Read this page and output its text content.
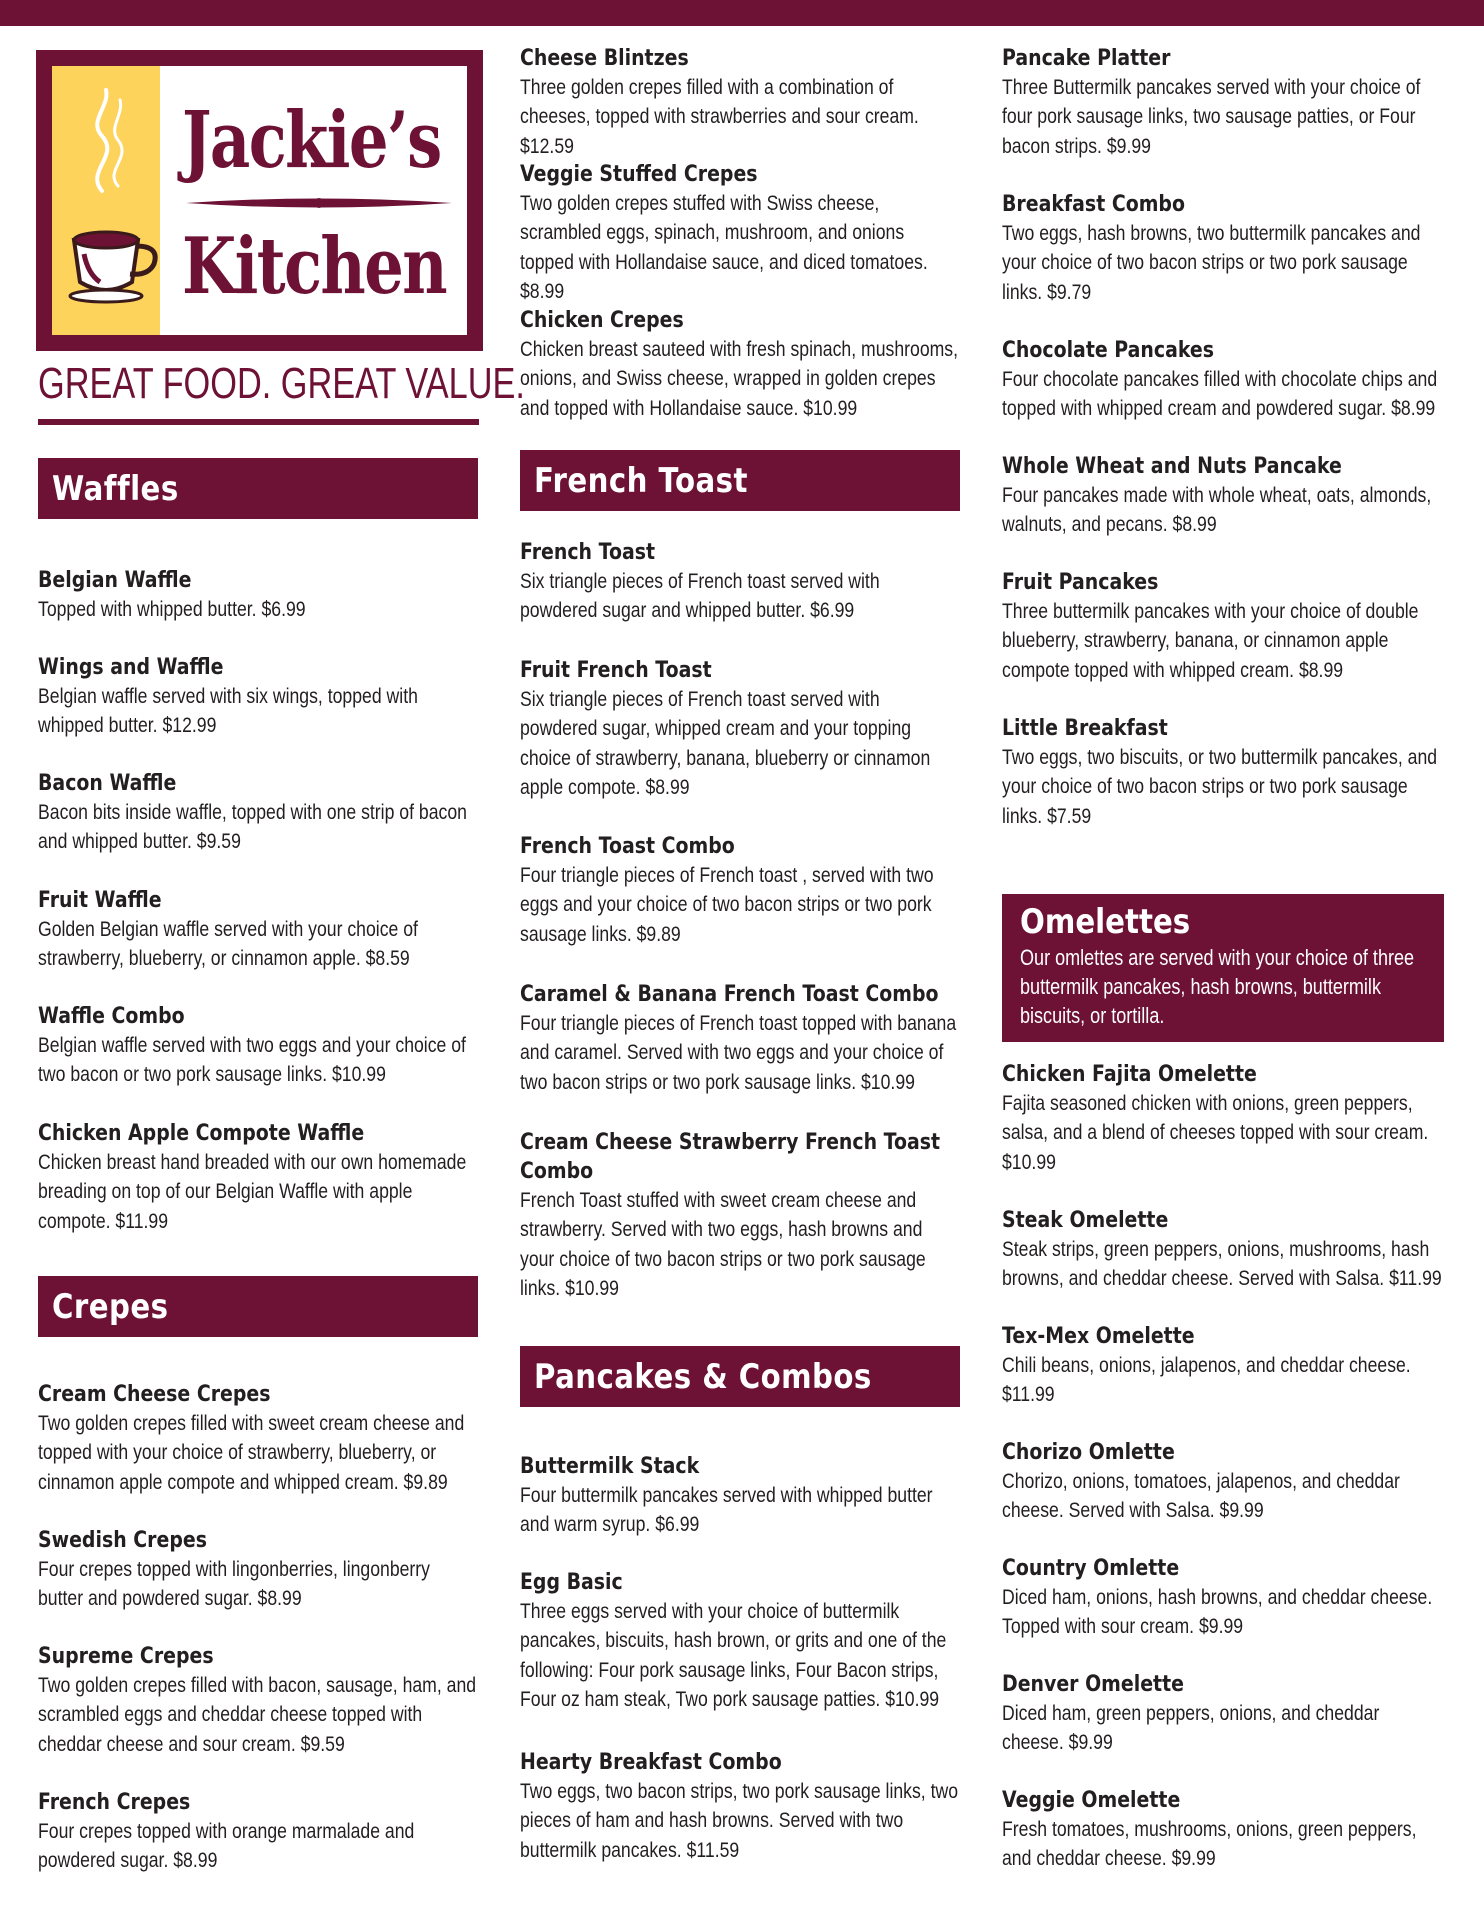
Jackie’s
Kitchen
GREAT FOOD. GREAT VALUE.
Waffles
Belgian Waffle
Topped with whipped butter. $6.99
Wings and Waffle
Belgian waffle served with six wings, topped with whipped butter. $12.99
Bacon Waffle
Bacon bits inside waffle, topped with one strip of bacon and whipped butter. $9.59
Fruit Waffle
Golden Belgian waffle served with your choice of strawberry, blueberry, or cinnamon apple. $8.59
Waffle Combo
Belgian waffle served with two eggs and your choice of two bacon or two pork sausage links. $10.99
Chicken Apple Compote Waffle
Chicken breast hand breaded with our own homemade breading on top of our Belgian Waffle with apple compote. $11.99
Crepes
Cream Cheese Crepes
Two golden crepes filled with sweet cream cheese and topped with your choice of strawberry, blueberry, or cinnamon apple compote and whipped cream. $9.89
Swedish Crepes
Four crepes topped with lingonberries, lingonberry butter and powdered sugar. $8.99
Supreme Crepes
Two golden crepes filled with bacon, sausage, ham, and scrambled eggs and cheddar cheese topped with cheddar cheese and sour cream. $9.59
French Crepes
Four crepes topped with orange marmalade and powdered sugar. $8.99
Cheese Blintzes
Three golden crepes filled with a combination of cheeses, topped with strawberries and sour cream. $12.59
Veggie Stuffed Crepes
Two golden crepes stuffed with Swiss cheese, scrambled eggs, spinach, mushroom, and onions topped with Hollandaise sauce, and diced tomatoes. $8.99
Chicken Crepes
Chicken breast sauteed with fresh spinach, mushrooms, onions, and Swiss cheese, wrapped in golden crepes and topped with Hollandaise sauce. $10.99
French Toast
French Toast
Six triangle pieces of French toast served with powdered sugar and whipped butter. $6.99
Fruit French Toast
Six triangle pieces of French toast served with powdered sugar, whipped cream and your topping choice of strawberry, banana, blueberry or cinnamon apple compote. $8.99
French Toast Combo
Four triangle pieces of French toast , served with two eggs and your choice of two bacon strips or two pork sausage links. $9.89
Caramel & Banana French Toast Combo
Four triangle pieces of French toast topped with banana and caramel. Served with two eggs and your choice of two bacon strips or two pork sausage links. $10.99
Cream Cheese Strawberry French Toast Combo
French Toast stuffed with sweet cream cheese and strawberry. Served with two eggs, hash browns and your choice of two bacon strips or two pork sausage links. $10.99
Pancakes & Combos
Buttermilk Stack
Four buttermilk pancakes served with whipped butter and warm syrup. $6.99
Egg Basic
Three eggs served with your choice of buttermilk pancakes, biscuits, hash brown, or grits and one of the following: Four pork sausage links, Four Bacon strips, Four oz ham steak, Two pork sausage patties. $10.99
Hearty Breakfast Combo
Two eggs, two bacon strips, two pork sausage links, two pieces of ham and hash browns. Served with two buttermilk pancakes. $11.59
Pancake Platter
Three Buttermilk pancakes served with your choice of four pork sausage links, two sausage patties, or Four bacon strips. $9.99
Breakfast Combo
Two eggs, hash browns, two buttermilk pancakes and your choice of two bacon strips or two pork sausage links. $9.79
Chocolate Pancakes
Four chocolate pancakes filled with chocolate chips and topped with whipped cream and powdered sugar. $8.99
Whole Wheat and Nuts Pancake
Four pancakes made with whole wheat, oats, almonds, walnuts, and pecans. $8.99
Fruit Pancakes
Three buttermilk pancakes with your choice of double blueberry, strawberry, banana, or cinnamon apple compote topped with whipped cream. $8.99
Little Breakfast
Two eggs, two biscuits, or two buttermilk pancakes, and your choice of two bacon strips or two pork sausage links. $7.59
Omelettes
Our omlettes are served with your choice of three buttermilk pancakes, hash browns, buttermilk biscuits, or tortilla.
Chicken Fajita Omelette
Fajita seasoned chicken with onions, green peppers, salsa, and a blend of cheeses topped with sour cream. $10.99
Steak Omelette
Steak strips, green peppers, onions, mushrooms, hash browns, and cheddar cheese. Served with Salsa. $11.99
Tex-Mex Omelette
Chili beans, onions, jalapenos, and cheddar cheese. $11.99
Chorizo Omlette
Chorizo, onions, tomatoes, jalapenos, and cheddar cheese. Served with Salsa. $9.99
Country Omlette
Diced ham, onions, hash browns, and cheddar cheese. Topped with sour cream. $9.99
Denver Omelette
Diced ham, green peppers, onions, and cheddar cheese. $9.99
Veggie Omelette
Fresh tomatoes, mushrooms, onions, green peppers, and cheddar cheese. $9.99
